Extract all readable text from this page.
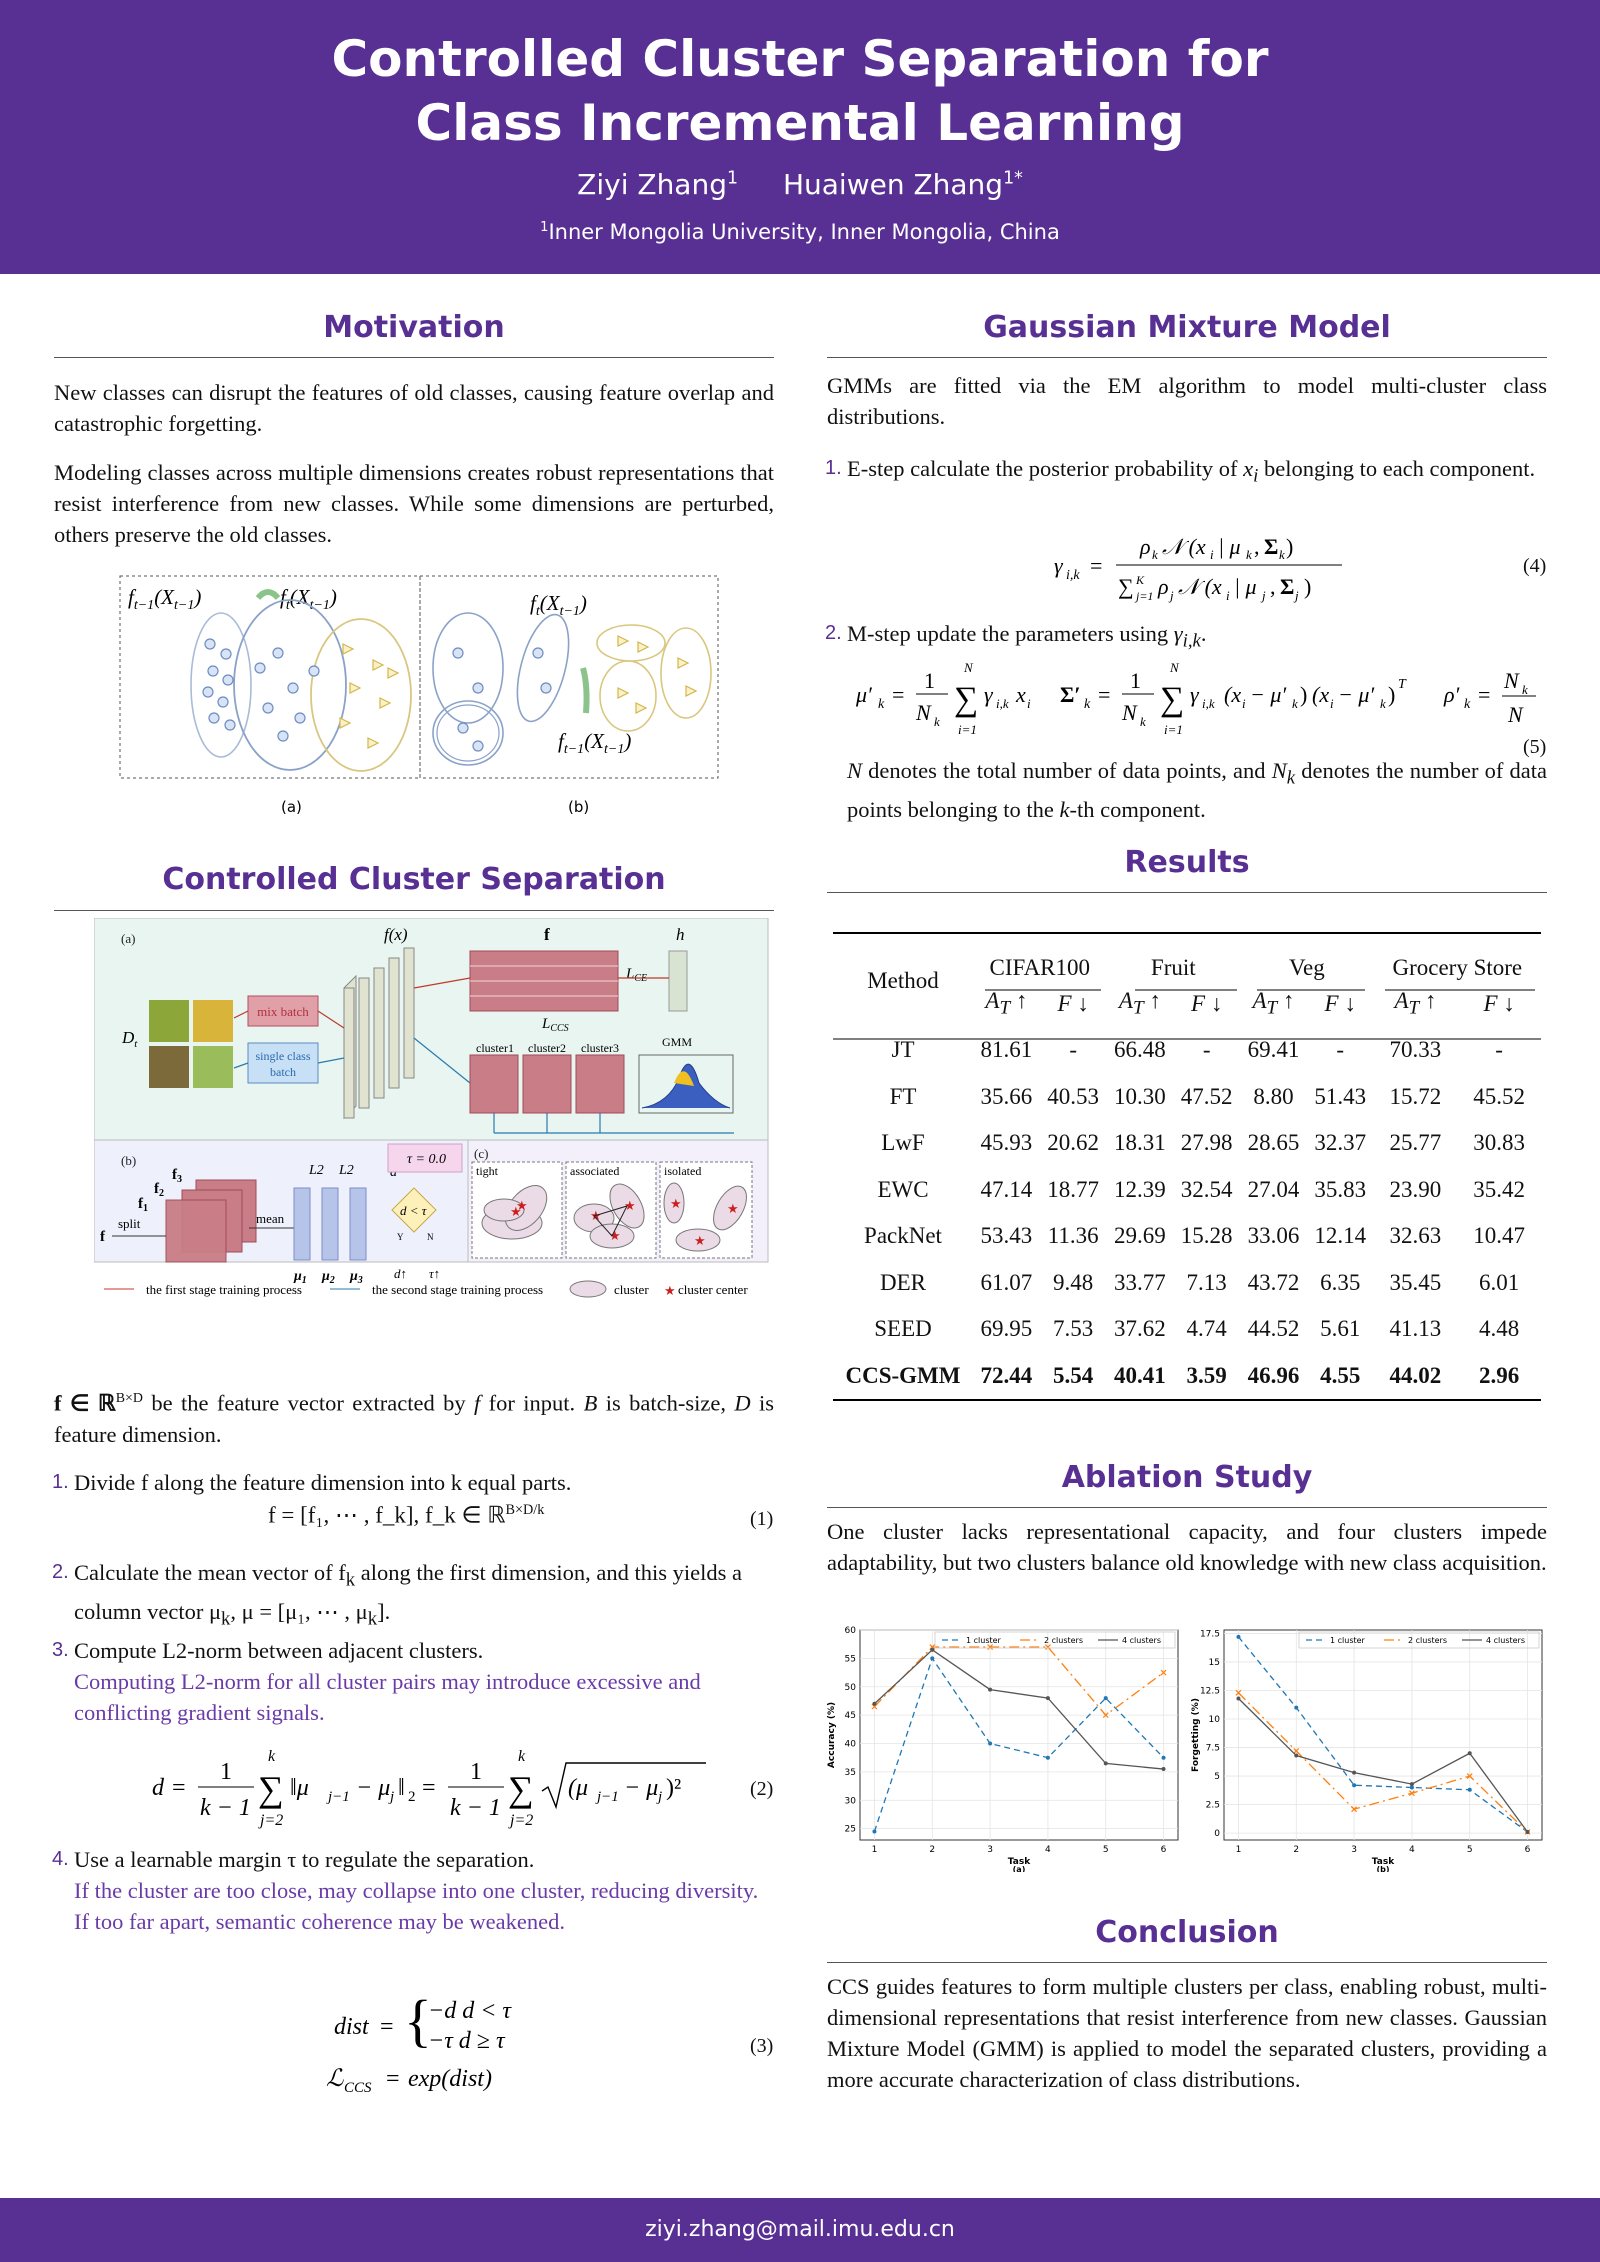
Controlled Cluster Separation for
Class Incremental Learning
Ziyi Zhang$^1$ Huaiwen Zhang$^{1*}$
$^1$Inner Mongolia University, Inner Mongolia, China
Motivation
New classes can disrupt the features of old classes, causing feature overlap and catastrophic forgetting.
Modeling classes across multiple dimensions creates robust representations that resist interference from new classes. While some dimensions are perturbed, others preserve the old classes.
$f_{t-1}(X_{t-1})$	$f_t(X_{t-1})$	$f_t(X_{t-1})$
$f_{t-1}(X_{t-1})$
(a)	(b)
Controlled Cluster Separation
(a)
(b)	(c)
f(x)	f	h
$D_t$
mix batch
single class
batch
$L_{CE}$
$L_{CCS}$
cluster1 cluster2 cluster3	GMM
$f_3$
$f_2$
$f_1$
f
split	mean
L2 L2
$\mu_1$ $\mu_2$ $\mu_3$
τ = 0.0
d < τ
Y	N
d↑ τ↑
tight	associated	isolated
★
★
★
★
★
★	★
★
the first stage training process	the second stage training process	cluster ★ cluster center
f ∈ ℝ$^{B\times D}$ be the feature vector extracted by f for input. B is batch-size, D is feature dimension.
1. Divide f along the feature dimension into k equal parts.
f = [f₁, ⋯ , f_k], f_k ∈ ℝ$^{B\times D/k}$	(1)
2. Calculate the mean vector of $f_k$ along the first dimension, and this yields a column vector $\mu_k$, μ = [μ₁, ⋯ , $\mu_k$].
3. Compute L2-norm between adjacent clusters.
Computing L2-norm for all cluster pairs may introduce excessive and conflicting gradient signals.
d =
1
k − 1 ∑
k
j=2
‖μ j−1 − μ j ‖ 2 =
1
k − 1 ∑
k
j=2
(μ j−1 − μ j )²	(2)
4. Use a learnable margin τ to regulate the separation.
If the cluster are too close, may collapse into one cluster, reducing diversity.
If too far apart, semantic coherence may be weakened.
dist = {
−d d < τ
−τ d ≥ τ
ℒ CCS = exp(dist)
(3)
Gaussian Mixture Model
GMMs are fitted via the EM algorithm to model multi-cluster class distributions.
1. E-step calculate the posterior probability of $x_i$ belonging to each component.
γ i,k =
ρ k 𝒩 (x i | μ k , Σ k )
∑ j=1
K ρ j 𝒩 (x i | μ j , Σ j )
(4)
2. M-step update the parameters using $\gamma_{i,k}$.
μ′ k =
1
N k
∑
N
i=1
γ i,k x i Σ′ k =
1
N k
∑
N
i=1
γ i,k (x i − μ′ k ) (x i − μ′ k ) T ρ′ k =
N k
N
(5)
N denotes the total number of data points, and $N_k$ denotes the number of data points belonging to the k-th component.
Results
Method	CIFAR100		Fruit		Veg		Grocery Store	
	$A_T$ ↑	F ↓	$A_T$ ↑	F ↓	$A_T$ ↑	F ↓	$A_T$ ↑	F ↓
JT	81.61	-	66.48	-	69.41	-	70.33	-
FT	35.66	40.53	10.30	47.52	8.80	51.43	15.72	45.52
LwF	45.93	20.62	18.31	27.98	28.65	32.37	25.77	30.83
EWC	47.14	18.77	12.39	32.54	27.04	35.83	23.90	35.42
PackNet	53.43	11.36	29.69	15.28	33.06	12.14	32.63	10.47
DER	61.07	9.48	33.77	7.13	43.72	6.35	35.45	6.01
SEED	69.95	7.53	37.62	4.74	44.52	5.61	41.13	4.48
CCS-GMM	72.44	5.54	40.41	3.59	46.96	4.55	44.02	2.96
Ablation Study
One cluster lacks representational capacity, and four clusters impede adaptability, but two clusters balance old knowledge with new class acquisition.
25
30
35
40
45
50
55
60
1	2	3	4	5	6
Task
(a)
Accuracy (%)
1 cluster	2 clusters	4 clusters
0
2.5
5
7.5
10
12.5
15
17.5
1	2	3	4	5	6
Task
(b)
Forgetting (%)
1 cluster	2 clusters	4 clusters
Conclusion
CCS guides features to form multiple clusters per class, enabling robust, multi-dimensional representations that resist interference from new classes. Gaussian Mixture Model (GMM) is applied to model the separated clusters, providing a more accurate characterization of class distributions.
ziyi.zhang@mail.imu.edu.cn
